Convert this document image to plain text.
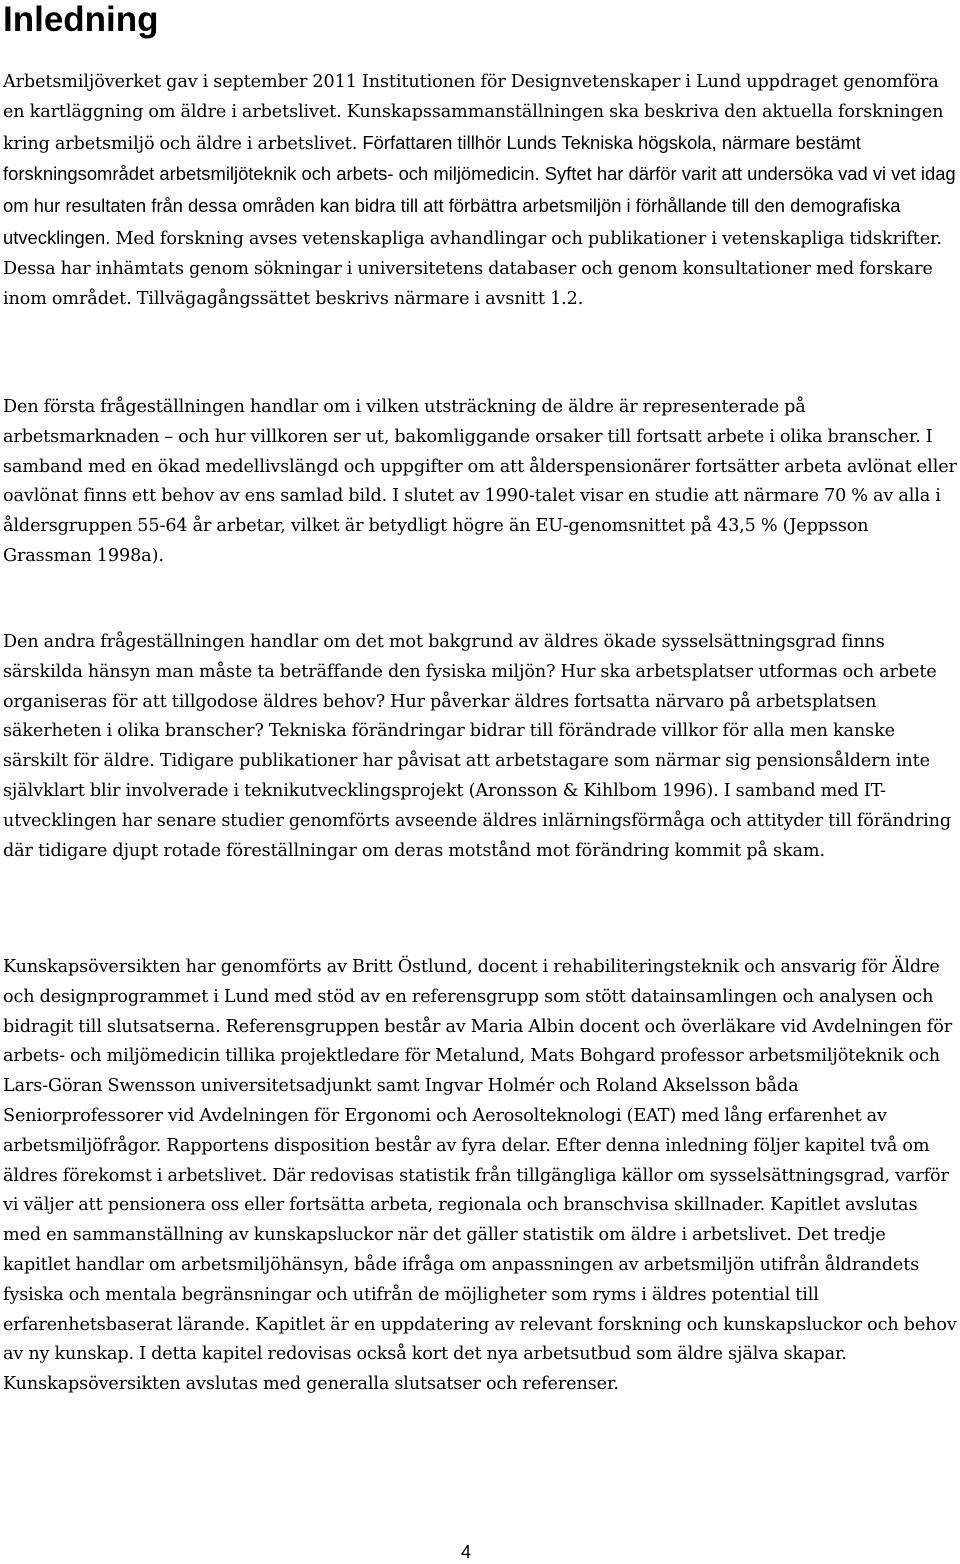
Inledning

Arbetsmiljöverket gav i september 2011 Institutionen för Designvetenskaper i Lund uppdraget genomföra en kartläggning om äldre i arbetslivet. Kunskapssammanställningen ska beskriva den aktuella forskningen kring arbetsmiljö och äldre i arbetslivet. Författaren tillhör Lunds Tekniska högskola, närmare bestämt forskningsområdet arbetsmiljöteknik och arbets- och miljömedicin. Syftet har därför varit att undersöka vad vi vet idag om hur resultaten från dessa områden kan bidra till att förbättra arbetsmiljön i förhållande till den demografiska utvecklingen. Med forskning avses vetenskapliga avhandlingar och publikationer i vetenskapliga tidskrifter. Dessa har inhämtats genom sökningar i universitetens databaser och genom konsultationer med forskare inom området. Tillvägagångssättet beskrivs närmare i avsnitt 1.2.

Den första frågeställningen handlar om i vilken utsträckning de äldre är representerade på arbetsmarknaden – och hur villkoren ser ut, bakomliggande orsaker till fortsatt arbete i olika branscher. I samband med en ökad medellivslängd och uppgifter om att ålderspensionärer fortsätter arbeta avlönat eller oavlönat finns ett behov av ens samlad bild. I slutet av 1990-talet visar en studie att närmare 70 % av alla i åldersgruppen 55-64 år arbetar, vilket är betydligt högre än EU-genomsnittet på 43,5 % (Jeppsson Grassman 1998a).

Den andra frågeställningen handlar om det mot bakgrund av äldres ökade sysselsättningsgrad finns särskilda hänsyn man måste ta beträffande den fysiska miljön? Hur ska arbetsplatser utformas och arbete organiseras för att tillgodose äldres behov? Hur påverkar äldres fortsatta närvaro på arbetsplatsen säkerheten i olika branscher? Tekniska förändringar bidrar till förändrade villkor för alla men kanske särskilt för äldre. Tidigare publikationer har påvisat att arbetstagare som närmar sig pensionsåldern inte självklart blir involverade i teknikutvecklingsprojekt (Aronsson & Kihlbom 1996). I samband med IT-utvecklingen har senare studier genomförts avseende äldres inlärningsförmåga och attityder till förändring där tidigare djupt rotade föreställningar om deras motstånd mot förändring kommit på skam.

Kunskapsöversikten har genomförts av Britt Östlund, docent i rehabiliteringsteknik och ansvarig för Äldre och designprogrammet i Lund med stöd av en referensgrupp som stött datainsamlingen och analysen och bidragit till slutsatserna. Referensgruppen består av Maria Albin docent och överläkare vid Avdelningen för arbets- och miljömedicin tillika projektledare för Metalund, Mats Bohgard professor arbetsmiljöteknik och Lars-Göran Swensson universitetsadjunkt samt Ingvar Holmér och Roland Akselsson båda Seniorprofessorer vid Avdelningen för Ergonomi och Aerosolteknologi (EAT) med lång erfarenhet av arbetsmiljöfrågor. Rapportens disposition består av fyra delar. Efter denna inledning följer kapitel två om äldres förekomst i arbetslivet. Där redovisas statistik från tillgängliga källor om sysselsättningsgrad, varför vi väljer att pensionera oss eller fortsätta arbeta, regionala och branschvisa skillnader. Kapitlet avslutas med en sammanställning av kunskapsluckor när det gäller statistik om äldre i arbetslivet. Det tredje kapitlet handlar om arbetsmiljöhänsyn, både ifråga om anpassningen av arbetsmiljön utifrån åldrandets fysiska och mentala begränsningar och utifrån de möjligheter som ryms i äldres potential till erfarenhetsbaserat lärande. Kapitlet är en uppdatering av relevant forskning och kunskapsluckor och behov av ny kunskap. I detta kapitel redovisas också kort det nya arbetsutbud som äldre själva skapar. Kunskapsöversikten avslutas med generalla slutsatser och referenser.

4
